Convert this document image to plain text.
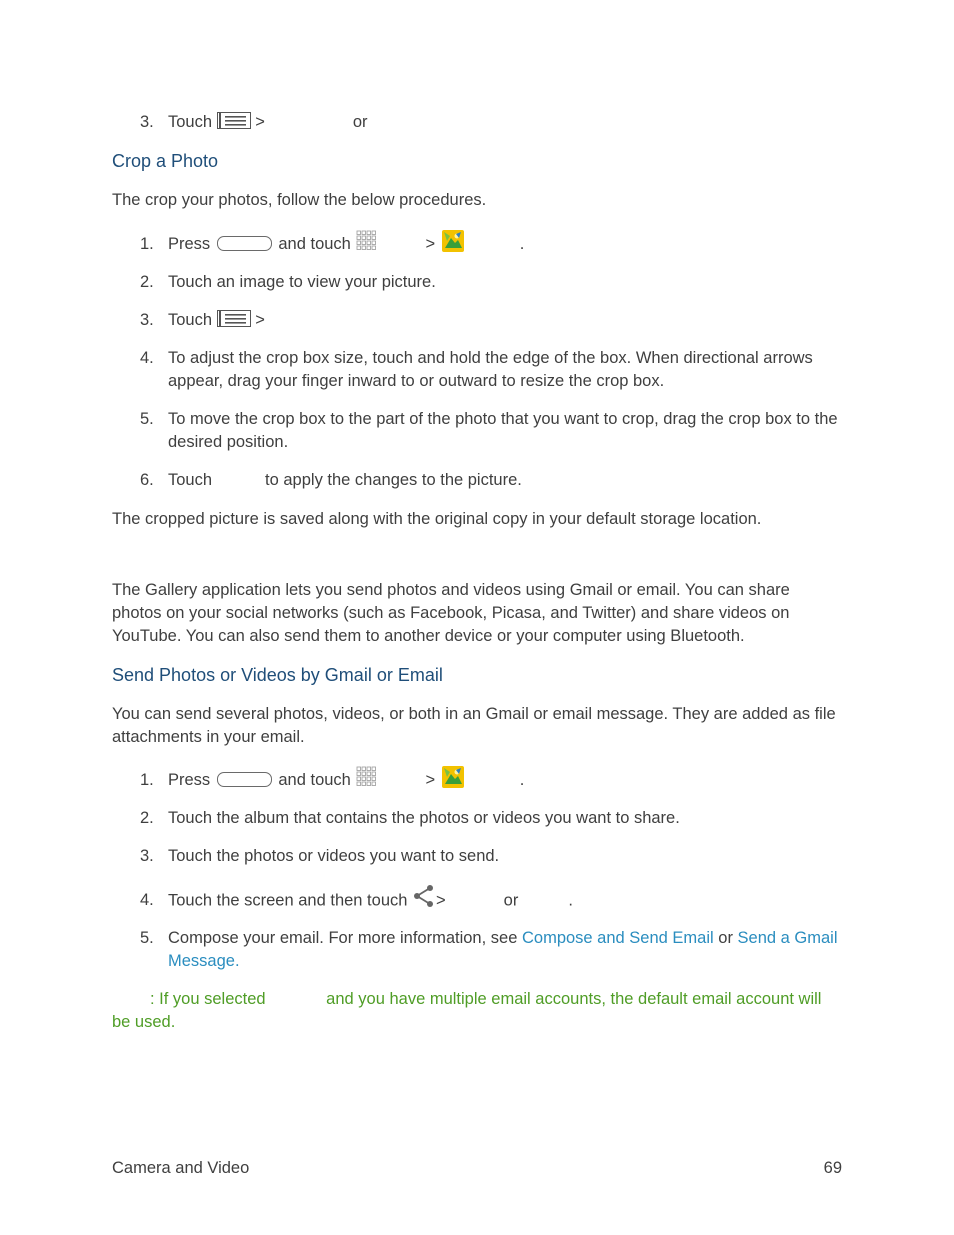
3. Touch	>	or
Crop a Photo
The crop your photos, follow the below procedures.
1. Press	and touch	>	.
2. Touch an image to view your picture.
3. Touch	>
4. To adjust the crop box size, touch and hold the edge of the box. When directional arrows appear, drag your finger inward to or outward to resize the crop box.
5. To move the crop box to the part of the photo that you want to crop, drag the crop box to the desired position.
6. Touch	to apply the changes to the picture.
The cropped picture is saved along with the original copy in your default storage location.
The Gallery application lets you send photos and videos using Gmail or email. You can share photos on your social networks (such as Facebook, Picasa, and Twitter) and share videos on YouTube. You can also send them to another device or your computer using Bluetooth.
Send Photos or Videos by Gmail or Email
You can send several photos, videos, or both in an Gmail or email message. They are added as file attachments in your email.
1. Press	and touch	>	.
2. Touch the album that contains the photos or videos you want to share.
3. Touch the photos or videos you want to send.
4. Touch the screen and then touch >	or	.
5. Compose your email. For more information, see Compose and Send Email or Send a Gmail Message.
: If you selected	and you have multiple email accounts, the default email account will be used.
Camera and Video	69
